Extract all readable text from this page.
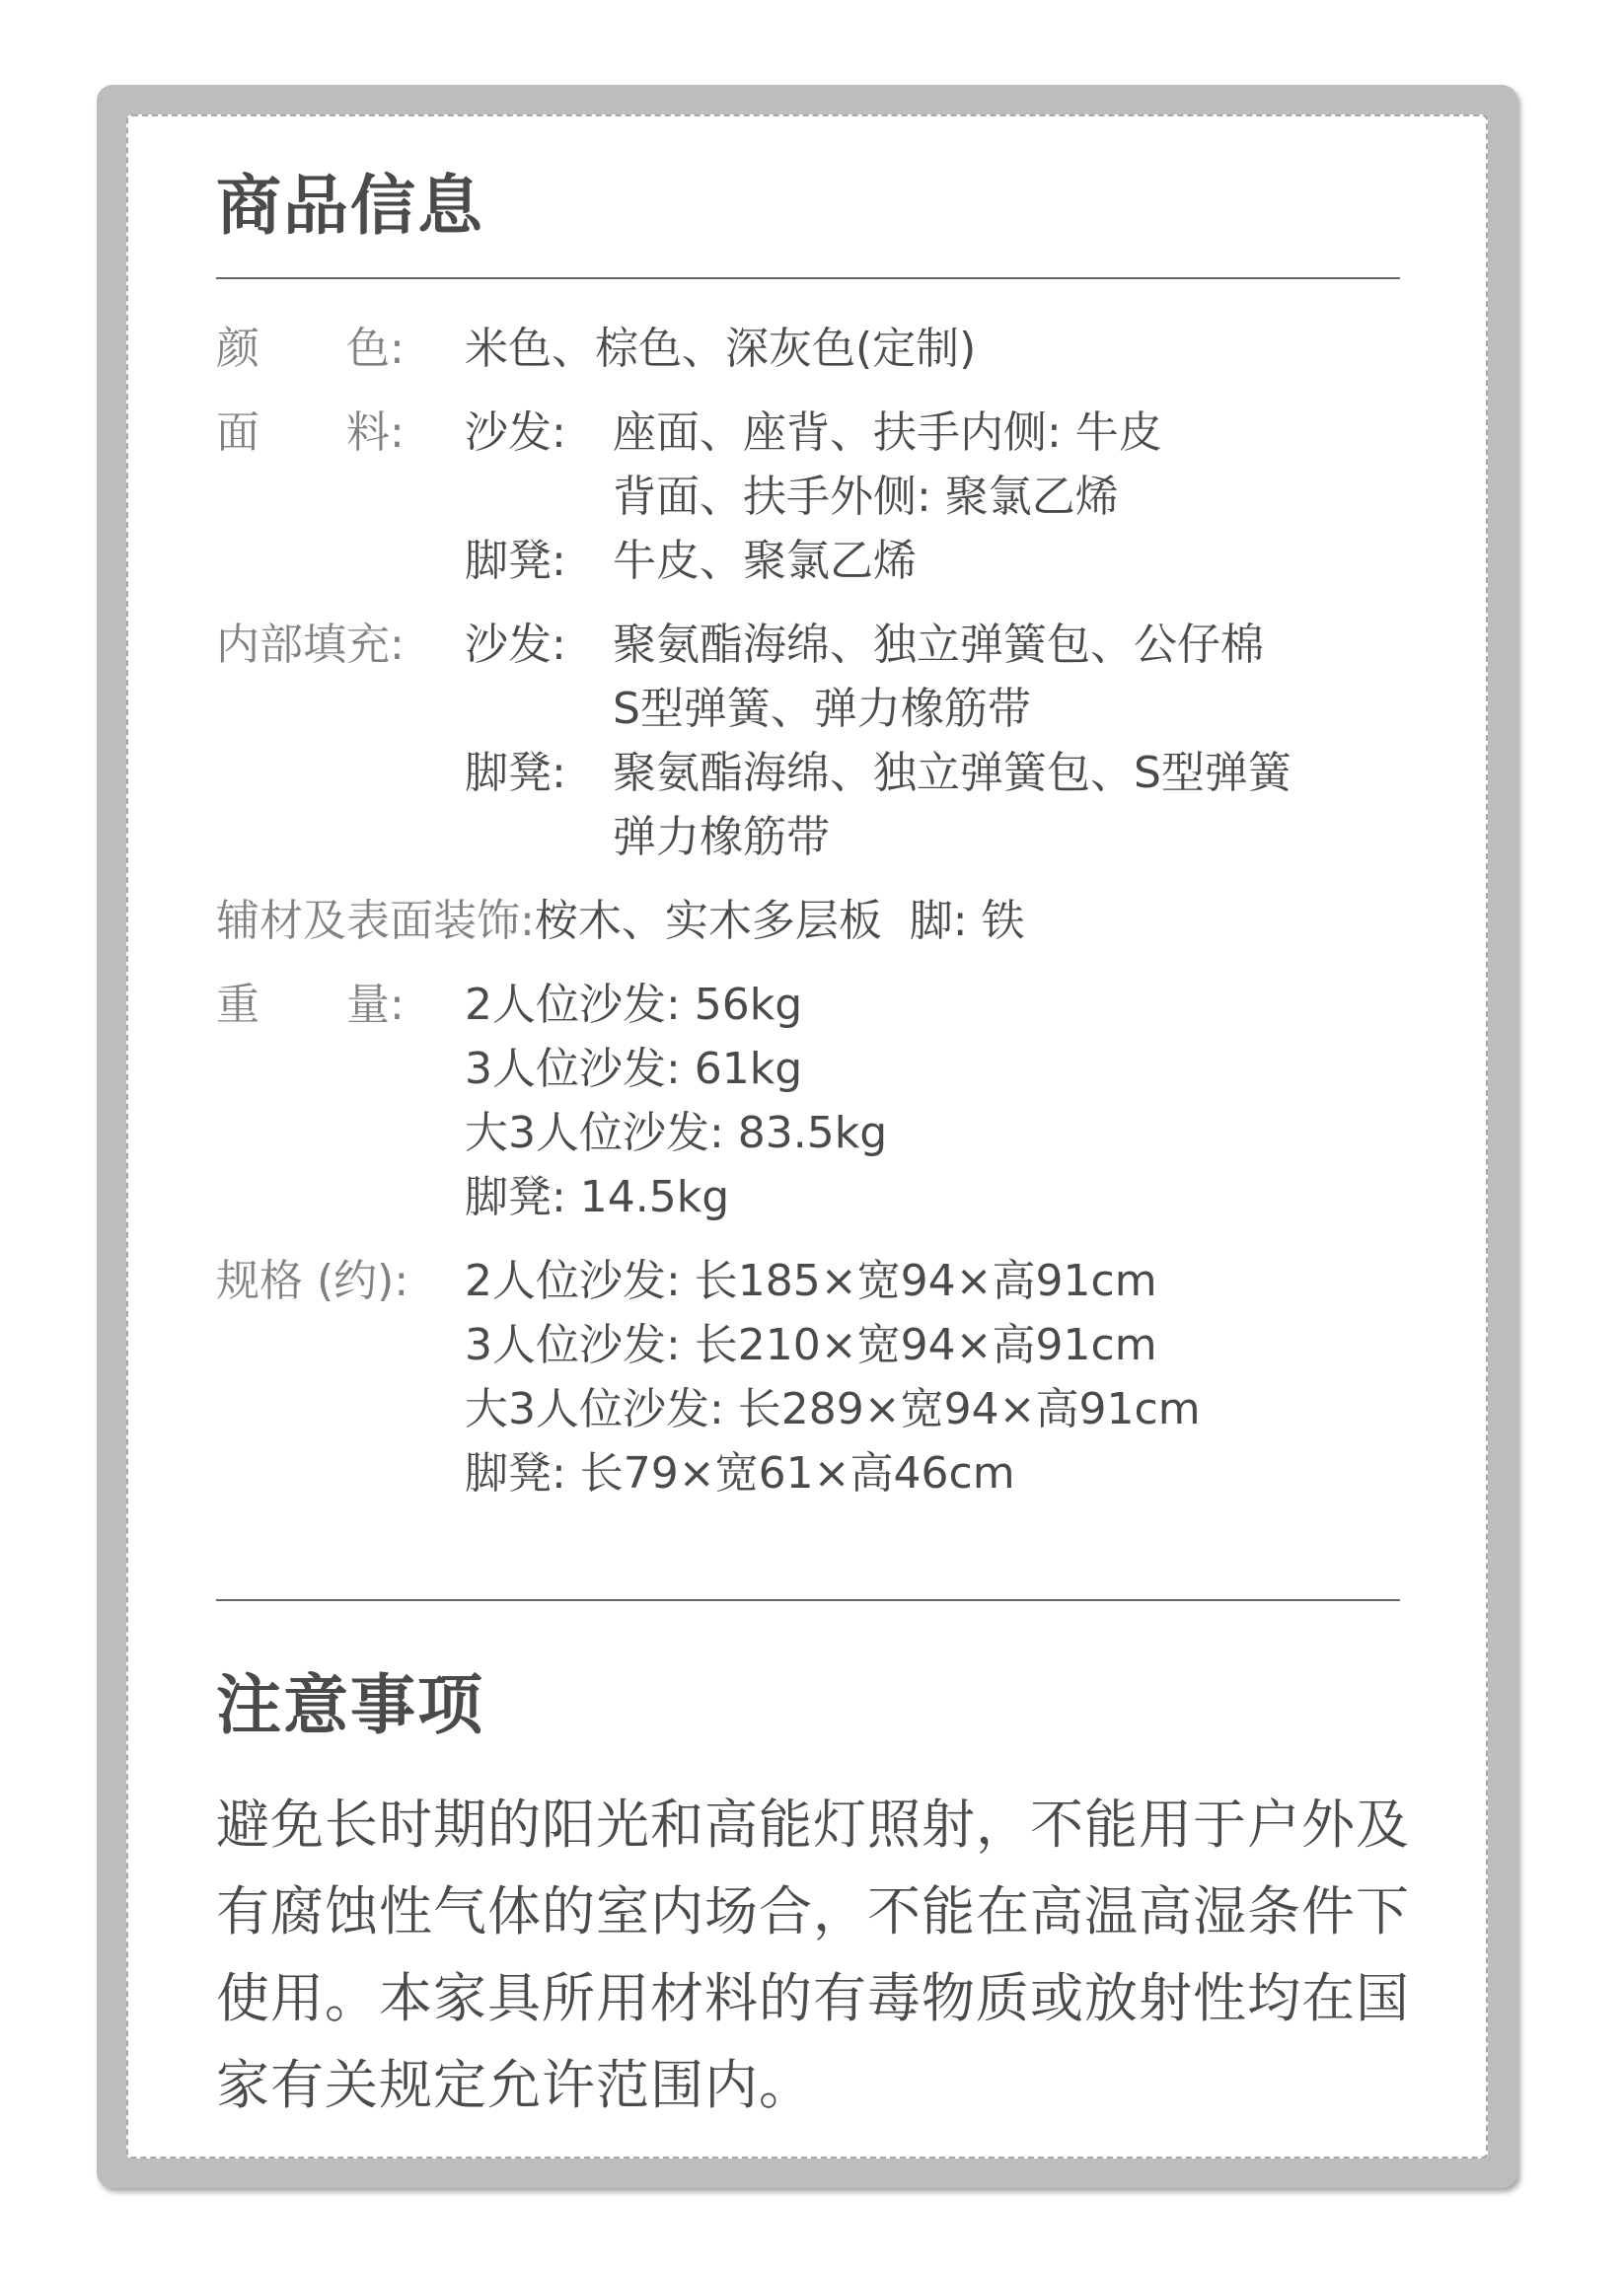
商品信息
颜　　色:	米色、棕色、深灰色(定制)
面　　料:	沙发:	座面、座背、扶手内侧: 牛皮
背面、扶手外侧: 聚氯乙烯
脚凳:	牛皮、聚氯乙烯
内部填充:	沙发:	聚氨酯海绵、独立弹簧包、公仔棉
S型弹簧、弹力橡筋带
脚凳:	聚氨酯海绵、独立弹簧包、S型弹簧
弹力橡筋带
辅材及表面装饰: 桉木、实木多层板  脚: 铁
重　　量:	2人位沙发: 56kg
3人位沙发: 61kg
大3人位沙发: 83.5kg
脚凳: 14.5kg
规格 (约):	2人位沙发: 长185×宽94×高91cm
3人位沙发: 长210×宽94×高91cm
大3人位沙发: 长289×宽94×高91cm
脚凳: 长79×宽61×高46cm
注意事项
避免长时期的阳光和高能灯照射，不能用于户外及有腐蚀性气体的室内场合，不能在高温高湿条件下使用。本家具所用材料的有毒物质或放射性均在国家有关规定允许范围内。
